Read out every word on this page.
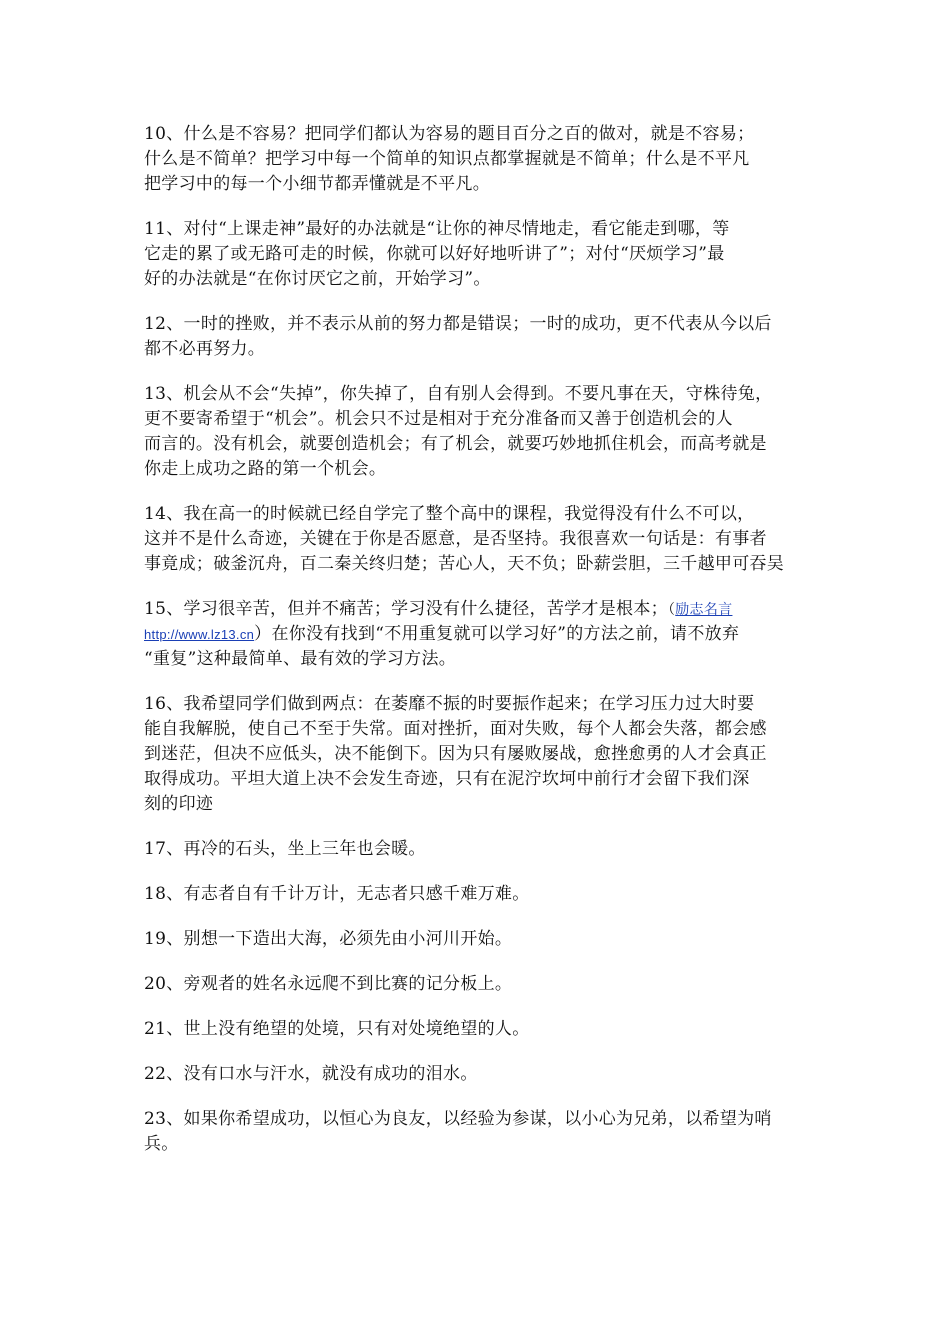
10、什么是不容易？把同学们都认为容易的题目百分之百的做对，就是不容易；
什么是不简单？把学习中每一个简单的知识点都掌握就是不简单；什么是不平凡
把学习中的每一个小细节都弄懂就是不平凡。
11、对付“上课走神”最好的办法就是“让你的神尽情地走，看它能走到哪，等
它走的累了或无路可走的时候，你就可以好好地听讲了”；对付“厌烦学习”最
好的办法就是“在你讨厌它之前，开始学习”。
12、一时的挫败，并不表示从前的努力都是错误；一时的成功，更不代表从今以后
都不必再努力。
13、机会从不会“失掉”，你失掉了，自有别人会得到。不要凡事在天，守株待兔，
更不要寄希望于“机会”。机会只不过是相对于充分准备而又善于创造机会的人
而言的。没有机会，就要创造机会；有了机会，就要巧妙地抓住机会，而高考就是
你走上成功之路的第一个机会。
14、我在高一的时候就已经自学完了整个高中的课程，我觉得没有什么不可以，
这并不是什么奇迹，关键在于你是否愿意，是否坚持。我很喜欢一句话是：有事者
事竟成；破釜沉舟，百二秦关终归楚；苦心人，天不负；卧薪尝胆，三千越甲可吞吴
15、学习很辛苦，但并不痛苦；学习没有什么捷径，苦学才是根本；（励志名言
http://www.lz13.cn）在你没有找到“不用重复就可以学习好”的方法之前，请不放弃
“重复”这种最简单、最有效的学习方法。
16、我希望同学们做到两点：在萎靡不振的时要振作起来；在学习压力过大时要
能自我解脱，使自己不至于失常。面对挫折，面对失败，每个人都会失落，都会感
到迷茫，但决不应低头，决不能倒下。因为只有屡败屡战，愈挫愈勇的人才会真正
取得成功。平坦大道上决不会发生奇迹，只有在泥泞坎坷中前行才会留下我们深
刻的印迹
17、再冷的石头，坐上三年也会暖。
18、有志者自有千计万计，无志者只感千难万难。
19、别想一下造出大海，必须先由小河川开始。
20、旁观者的姓名永远爬不到比赛的记分板上。
21、世上没有绝望的处境，只有对处境绝望的人。
22、没有口水与汗水，就没有成功的泪水。
23、如果你希望成功，以恒心为良友，以经验为参谋，以小心为兄弟，以希望为哨
兵。
